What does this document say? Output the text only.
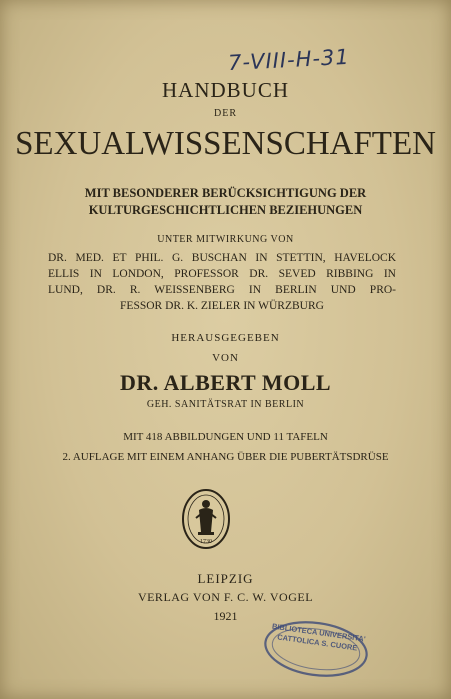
7-VIII-H-31
HANDBUCH
DER
SEXUALWISSENSCHAFTEN
MIT BESONDERER BERÜCKSICHTIGUNG DER
KULTURGESCHICHTLICHEN BEZIEHUNGEN
UNTER MITWIRKUNG VON

DR. MED. ET PHIL. G. BUSCHAN IN STETTIN, HAVELOCK

ELLIS IN LONDON, PROFESSOR DR. SEVED RIBBING IN

LUND, DR. R. WEISSENBERG IN BERLIN UND PRO-

FESSOR DR. K. ZIELER IN WÜRZBURG

HERAUSGEGEBEN
VON
DR. ALBERT MOLL
GEH. SANITÄTSRAT IN BERLIN
MIT 418 ABBILDUNGEN UND 11 TAFELN
2. AUFLAGE MIT EINEM ANHANG ÜBER DIE PUBERTÄTSDRÜSE
1730
LEIPZIG
VERLAG VON F. C. W. VOGEL
1921
BIBLIOTECA UNIVERSITA' CATTOLICA S. CUORE
